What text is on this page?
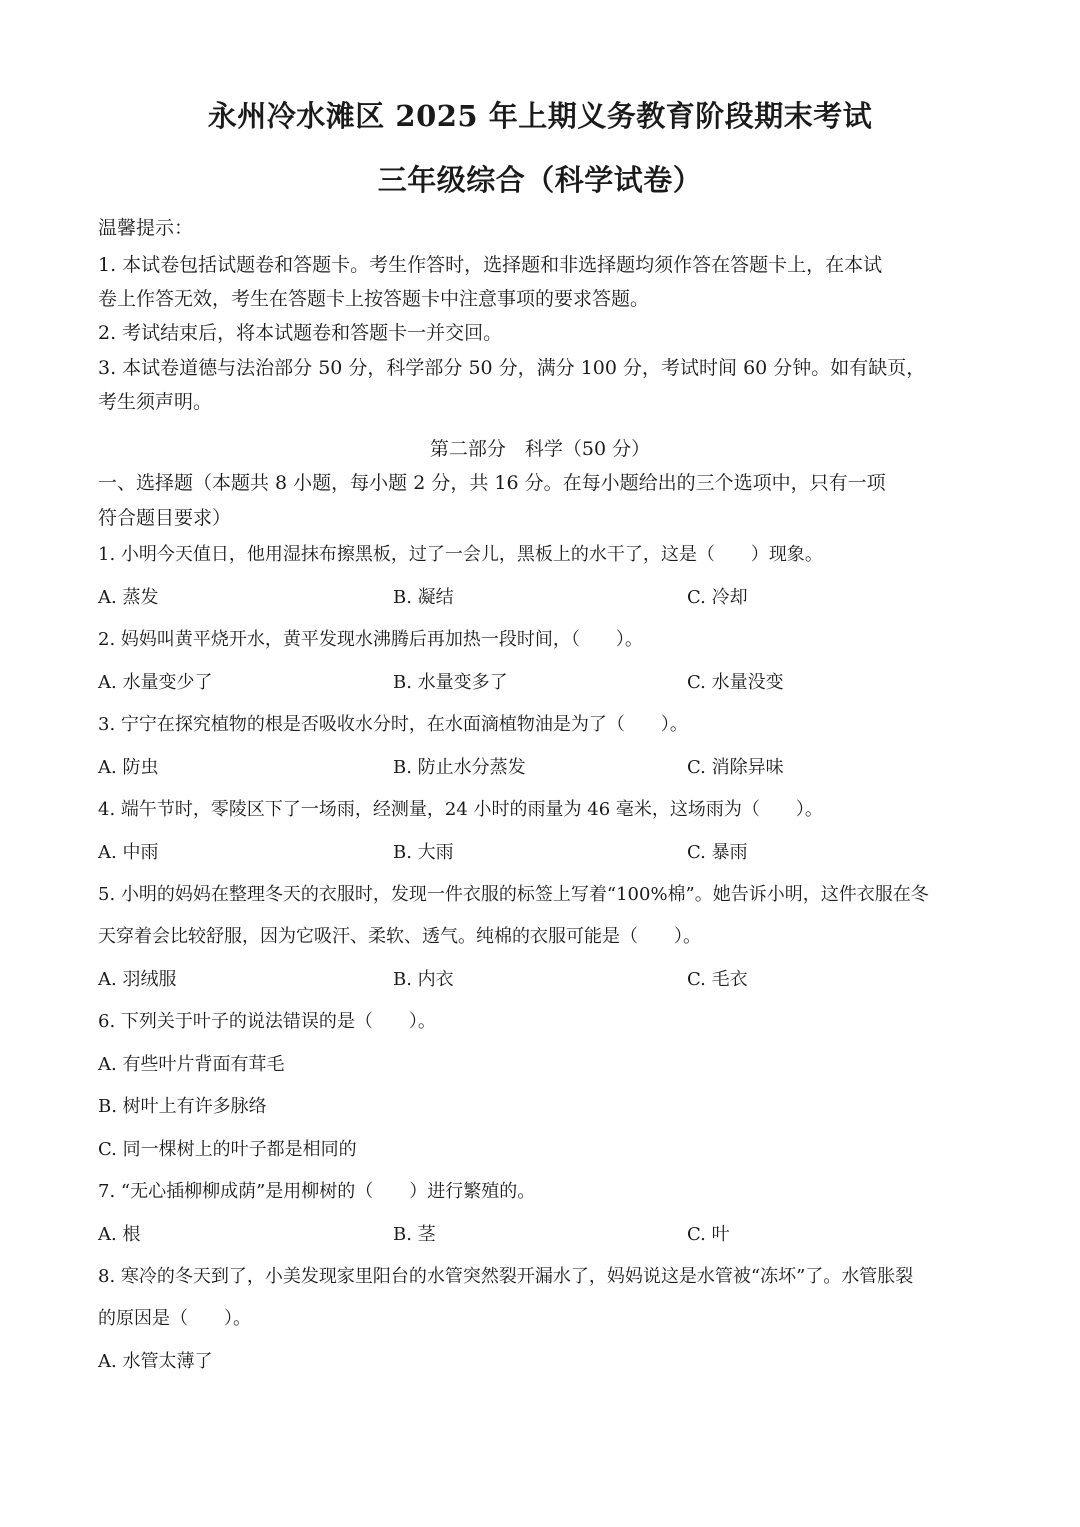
永州冷水滩区 2025 年上期义务教育阶段期末考试
三年级综合（科学试卷）
温馨提示：
1. 本试卷包括试题卷和答题卡。考生作答时，选择题和非选择题均须作答在答题卡上，在本试
卷上作答无效，考生在答题卡上按答题卡中注意事项的要求答题。
2. 考试结束后，将本试题卷和答题卡一并交回。
3. 本试卷道德与法治部分 50 分，科学部分 50 分，满分 100 分，考试时间 60 分钟。如有缺页，
考生须声明。
第二部分　科学（50 分）
一、选择题（本题共 8 小题，每小题 2 分，共 16 分。在每小题给出的三个选项中，只有一项
符合题目要求）
1. 小明今天值日，他用湿抹布擦黑板，过了一会儿，黑板上的水干了，这是（　　）现象。
A. 蒸发	B. 凝结	C. 冷却
2. 妈妈叫黄平烧开水，黄平发现水沸腾后再加热一段时间，（　　）。
A. 水量变少了	B. 水量变多了	C. 水量没变
3. 宁宁在探究植物的根是否吸收水分时，在水面滴植物油是为了（　　）。
A. 防虫	B. 防止水分蒸发	C. 消除异味
4. 端午节时，零陵区下了一场雨，经测量，24 小时的雨量为 46 毫米，这场雨为（　　）。
A. 中雨	B. 大雨	C. 暴雨
5. 小明的妈妈在整理冬天的衣服时，发现一件衣服的标签上写着“100%棉”。她告诉小明，这件衣服在冬
天穿着会比较舒服，因为它吸汗、柔软、透气。纯棉的衣服可能是（　　）。
A. 羽绒服	B. 内衣	C. 毛衣
6. 下列关于叶子的说法错误的是（　　）。
A. 有些叶片背面有茸毛
B. 树叶上有许多脉络
C. 同一棵树上的叶子都是相同的
7. “无心插柳柳成荫”是用柳树的（　　）进行繁殖的。
A. 根	B. 茎	C. 叶
8. 寒冷的冬天到了，小美发现家里阳台的水管突然裂开漏水了，妈妈说这是水管被“冻坏”了。水管胀裂
的原因是（　　）。
A. 水管太薄了
